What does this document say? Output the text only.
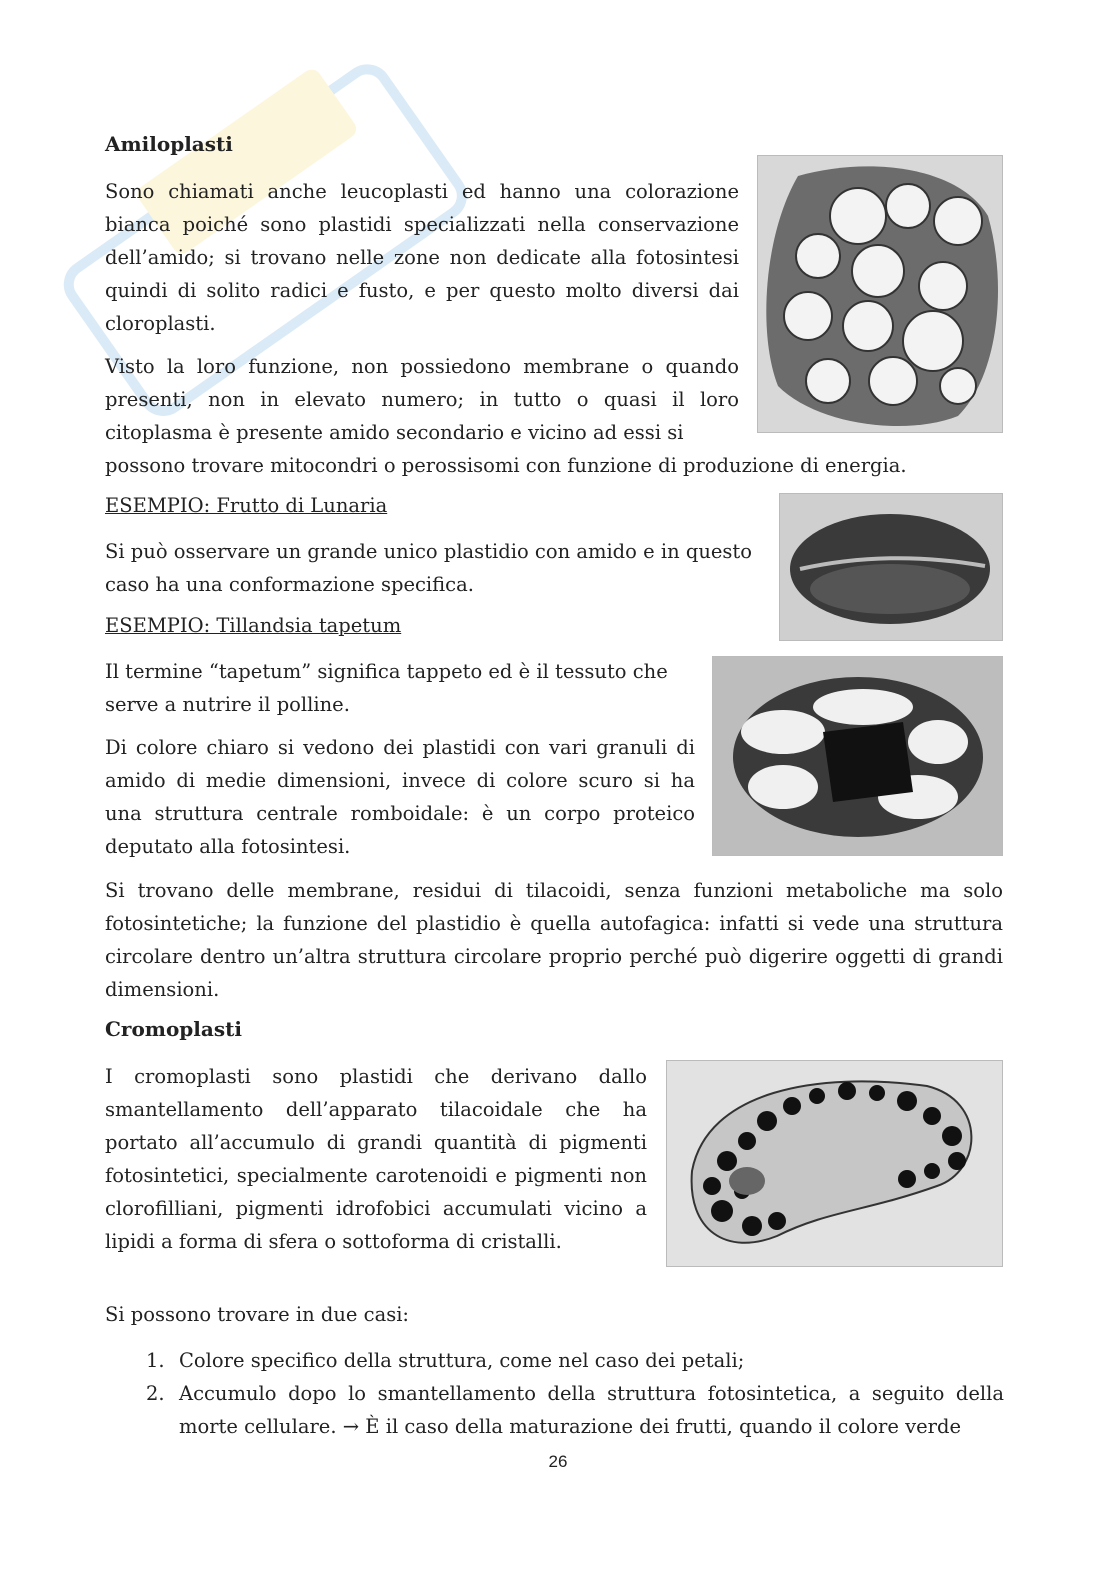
Amiloplasti

Sono chiamati anche leucoplasti ed hanno una colorazione bianca poiché sono plastidi specializzati nella conservazione dell’amido; si trovano nelle zone non dedicate alla fotosintesi quindi di solito radici e fusto, e per questo molto diversi dai cloroplasti.

Visto la loro funzione, non possiedono membrane o quando presenti, non in elevato numero; in tutto o quasi il loro citoplasma è presente amido secondario e vicino ad essi si

possono trovare mitocondri o perossisomi con funzione di produzione di energia.

ESEMPIO: Frutto di Lunaria

Si può osservare un grande unico plastidio con amido e in questo caso ha una conformazione specifica.

ESEMPIO: Tillandsia tapetum

Il termine “tapetum” significa tappeto ed è il tessuto che serve a nutrire il polline.

Di colore chiaro si vedono dei plastidi con vari granuli di amido di medie dimensioni, invece di colore scuro si ha una struttura centrale romboidale: è un corpo proteico deputato alla fotosintesi.

Si trovano delle membrane, residui di tilacoidi, senza funzioni metaboliche ma solo fotosintetiche; la funzione del plastidio è quella autofagica: infatti si vede una struttura circolare dentro un’altra struttura circolare proprio perché può digerire oggetti di grandi dimensioni.

Cromoplasti

I cromoplasti sono plastidi che derivano dallo smantellamento dell’apparato tilacoidale che ha portato all’accumulo di grandi quantità di pigmenti fotosintetici, specialmente carotenoidi e pigmenti non clorofilliani, pigmenti idrofobici accumulati vicino a lipidi a forma di sfera o sottoforma di cristalli.

Si possono trovare in due casi:

1. Colore specifico della struttura, come nel caso dei petali;
2. Accumulo dopo lo smantellamento della struttura fotosintetica, a seguito della morte cellulare. → È il caso della maturazione dei frutti, quando il colore verde
26
